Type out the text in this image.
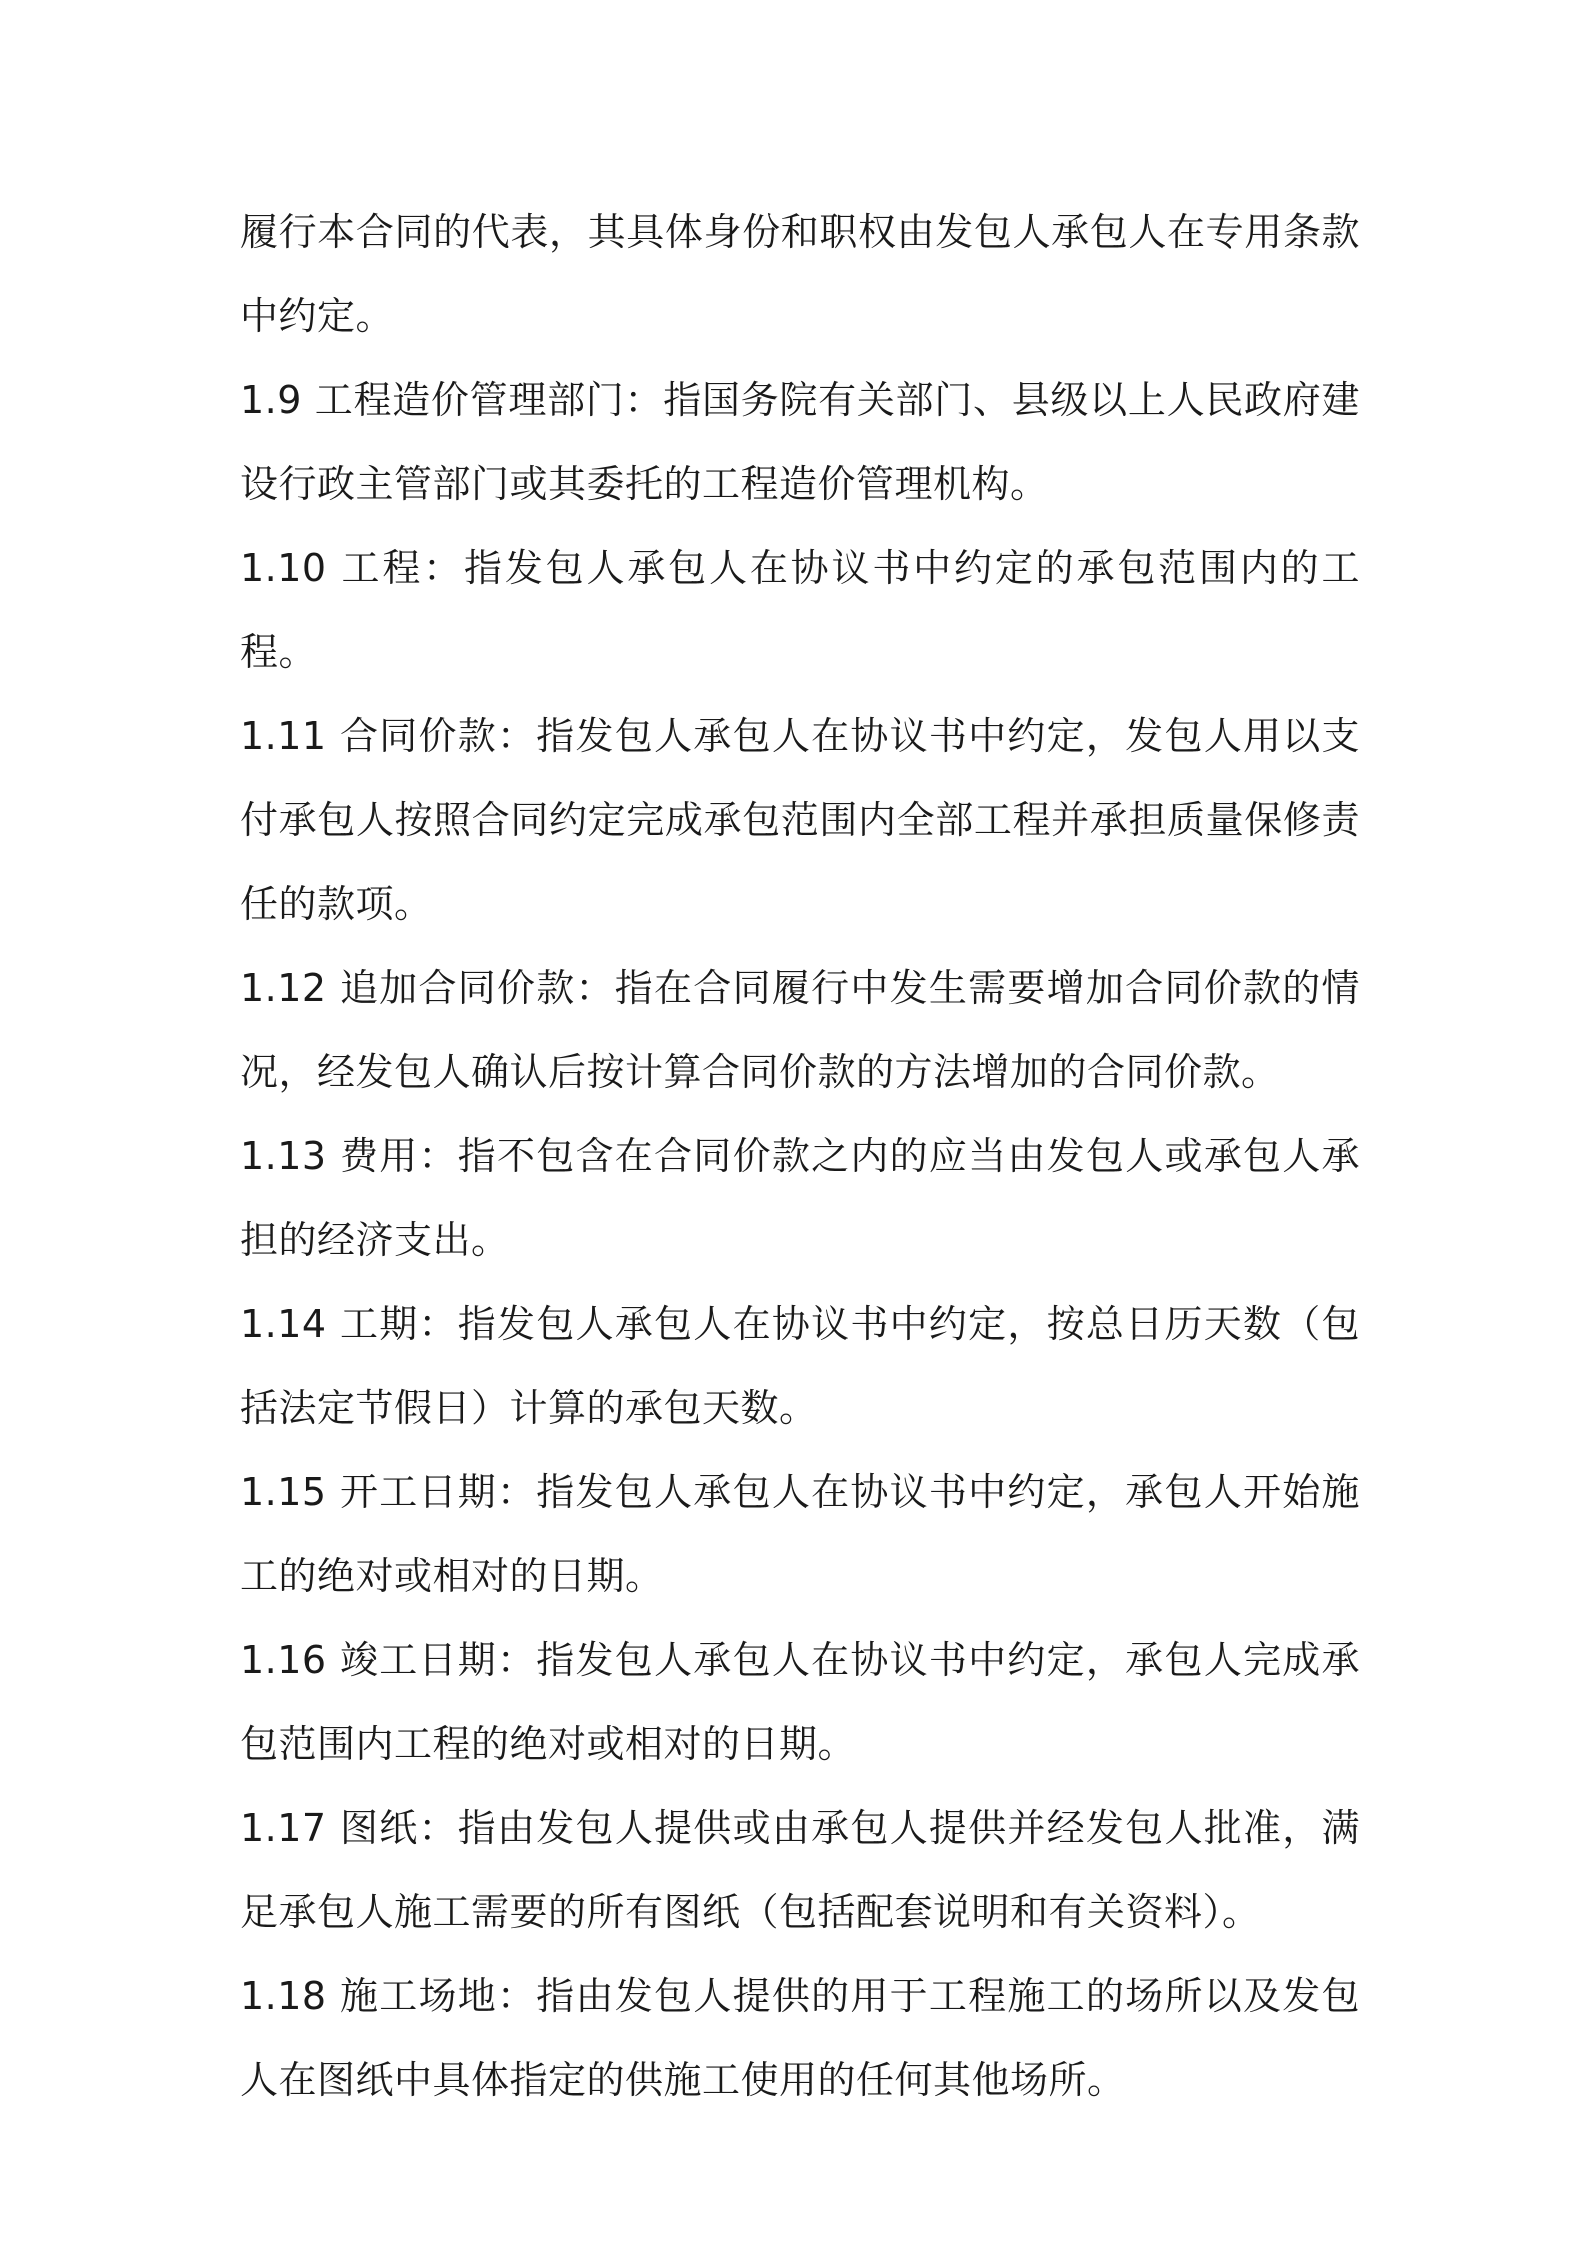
履行本合同的代表，其具体身份和职权由发包人承包人在专用条款中约定。

1.9 工程造价管理部门：指国务院有关部门、县级以上人民政府建设行政主管部门或其委托的工程造价管理机构。

1.10 工程：指发包人承包人在协议书中约定的承包范围内的工程。

1.11 合同价款：指发包人承包人在协议书中约定，发包人用以支付承包人按照合同约定完成承包范围内全部工程并承担质量保修责任的款项。

1.12 追加合同价款：指在合同履行中发生需要增加合同价款的情况，经发包人确认后按计算合同价款的方法增加的合同价款。

1.13 费用：指不包含在合同价款之内的应当由发包人或承包人承担的经济支出。

1.14 工期：指发包人承包人在协议书中约定，按总日历天数（包括法定节假日）计算的承包天数。

1.15 开工日期：指发包人承包人在协议书中约定，承包人开始施工的绝对或相对的日期。

1.16 竣工日期：指发包人承包人在协议书中约定，承包人完成承包范围内工程的绝对或相对的日期。

1.17 图纸：指由发包人提供或由承包人提供并经发包人批准，满足承包人施工需要的所有图纸（包括配套说明和有关资料）。

1.18 施工场地：指由发包人提供的用于工程施工的场所以及发包人在图纸中具体指定的供施工使用的任何其他场所。
